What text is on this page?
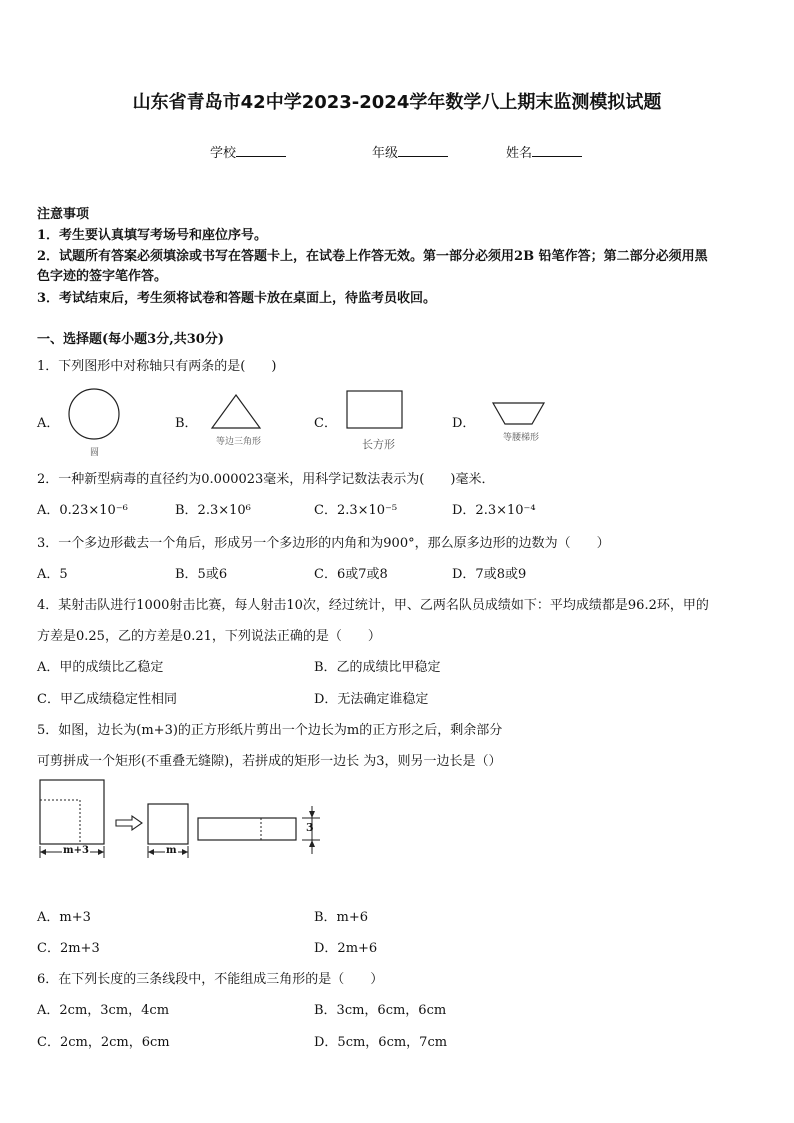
山东省青岛市42中学2023-2024学年数学八上期末监测模拟试题
学校	年级	姓名
注意事项
1．考生要认真填写考场号和座位序号。
2．试题所有答案必须填涂或书写在答题卡上，在试卷上作答无效。第一部分必须用2B 铅笔作答；第二部分必须用黑
色字迹的签字笔作答。
3．考试结束后，考生须将试卷和答题卡放在桌面上，待监考员收回。
一、选择题(每小题3分,共30分)
1．下列图形中对称轴只有两条的是(　　)
A．
圆
B．
等边三角形
C．
长方形
D．
等腰梯形
2．一种新型病毒的直径约为0.000023毫米，用科学记数法表示为(　　)毫米．
A．0.23×10⁻⁶	B．2.3×10⁶	C．2.3×10⁻⁵	D．2.3×10⁻⁴
3．一个多边形截去一个角后，形成另一个多边形的内角和为900°，那么原多边形的边数为（　　）
A．5	B．5或6	C．6或7或8	D．7或8或9
4．某射击队进行1000射击比赛，每人射击10次，经过统计，甲、乙两名队员成绩如下：平均成绩都是96.2环，甲的
方差是0.25，乙的方差是0.21，下列说法正确的是（　　）
A．甲的成绩比乙稳定	B．乙的成绩比甲稳定
C．甲乙成绩稳定性相同	D．无法确定谁稳定
5．如图，边长为(m+3)的正方形纸片剪出一个边长为m的正方形之后，剩余部分
可剪拼成一个矩形(不重叠无缝隙)，若拼成的矩形一边长 为3，则另一边长是（）
m+3	m
3
A．m+3	B．m+6
C．2m+3	D．2m+6
6．在下列长度的三条线段中，不能组成三角形的是（　　）
A．2cm，3cm，4cm	B．3cm，6cm，6cm
C．2cm，2cm，6cm	D．5cm，6cm，7cm
